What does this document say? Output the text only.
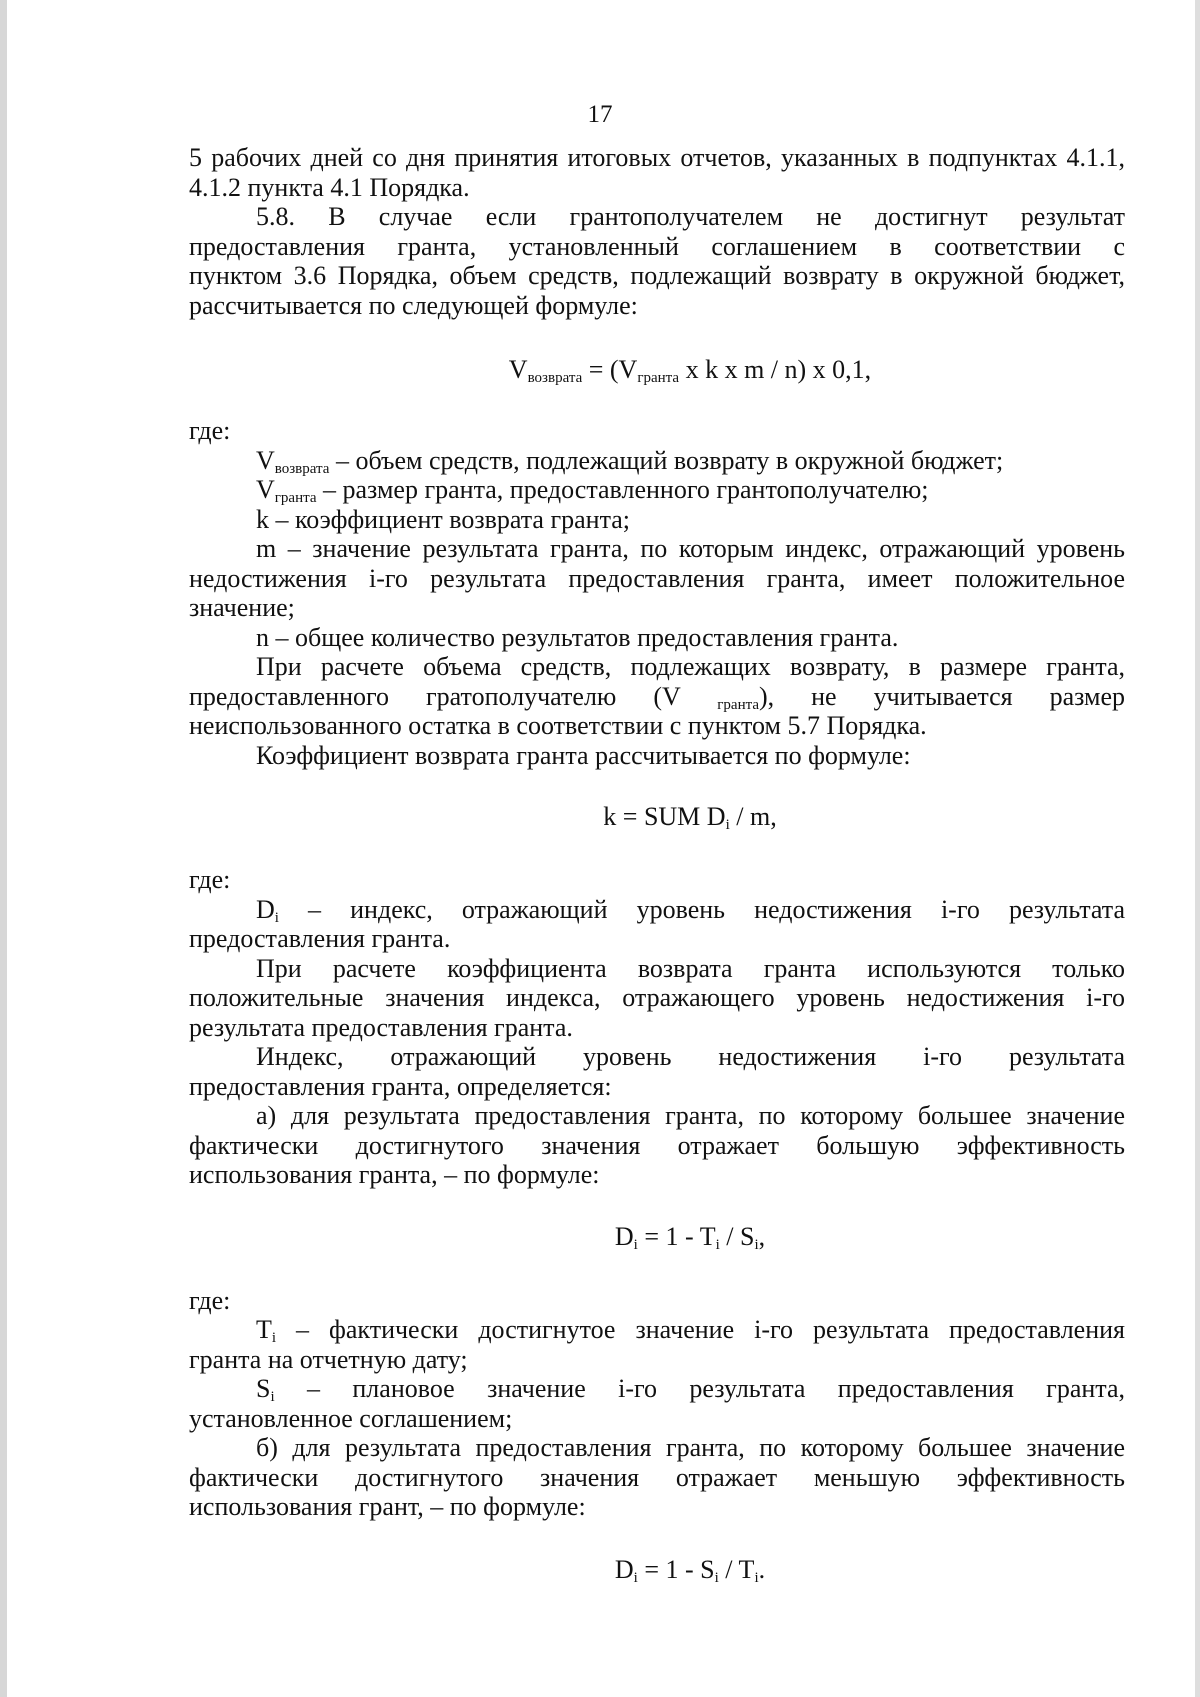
17
5 рабочих дней со дня принятия итоговых отчетов, указанных в подпунктах 4.1.1,
4.1.2 пункта 4.1 Порядка.
5.8. В случае если грантополучателем не достигнут результат
предоставления гранта, установленный соглашением в соответствии с
пунктом 3.6 Порядка, объем средств, подлежащий возврату в окружной бюджет,
рассчитывается по следующей формуле:
$V_{возврата} = (V_{гранта}$ x k x m / n) x 0,1,
где:
$V_{возврата}$ – объем средств, подлежащий возврату в окружной бюджет;
$V_{гранта}$ – размер гранта, предоставленного грантополучателю;
k – коэффициент возврата гранта;
m – значение результата гранта, по которым индекс, отражающий уровень
недостижения i-го результата предоставления гранта, имеет положительное
значение;
n – общее количество результатов предоставления гранта.
При расчете объема средств, подлежащих возврату, в размере гранта,
предоставленного гратополучателю (V $_{гранта}$), не учитывается размер
неиспользованного остатка в соответствии с пунктом 5.7 Порядка.
Коэффициент возврата гранта рассчитывается по формуле:
k = SUM $D_i$ / m,
где:
$D_i$ – индекс, отражающий уровень недостижения i-го результата
предоставления гранта.
При расчете коэффициента возврата гранта используются только
положительные значения индекса, отражающего уровень недостижения i-го
результата предоставления гранта.
Индекс, отражающий уровень недостижения i-го результата
предоставления гранта, определяется:
а) для результата предоставления гранта, по которому большее значение
фактически достигнутого значения отражает большую эффективность
использования гранта, – по формуле:
$D_i = 1 - T_i / S_i$,
где:
$T_i$ – фактически достигнутое значение i-го результата предоставления
гранта на отчетную дату;
$S_i$ – плановое значение i-го результата предоставления гранта,
установленное соглашением;
б) для результата предоставления гранта, по которому большее значение
фактически достигнутого значения отражает меньшую эффективность
использования грант, – по формуле:
$D_i = 1 - S_i / T_i$.
